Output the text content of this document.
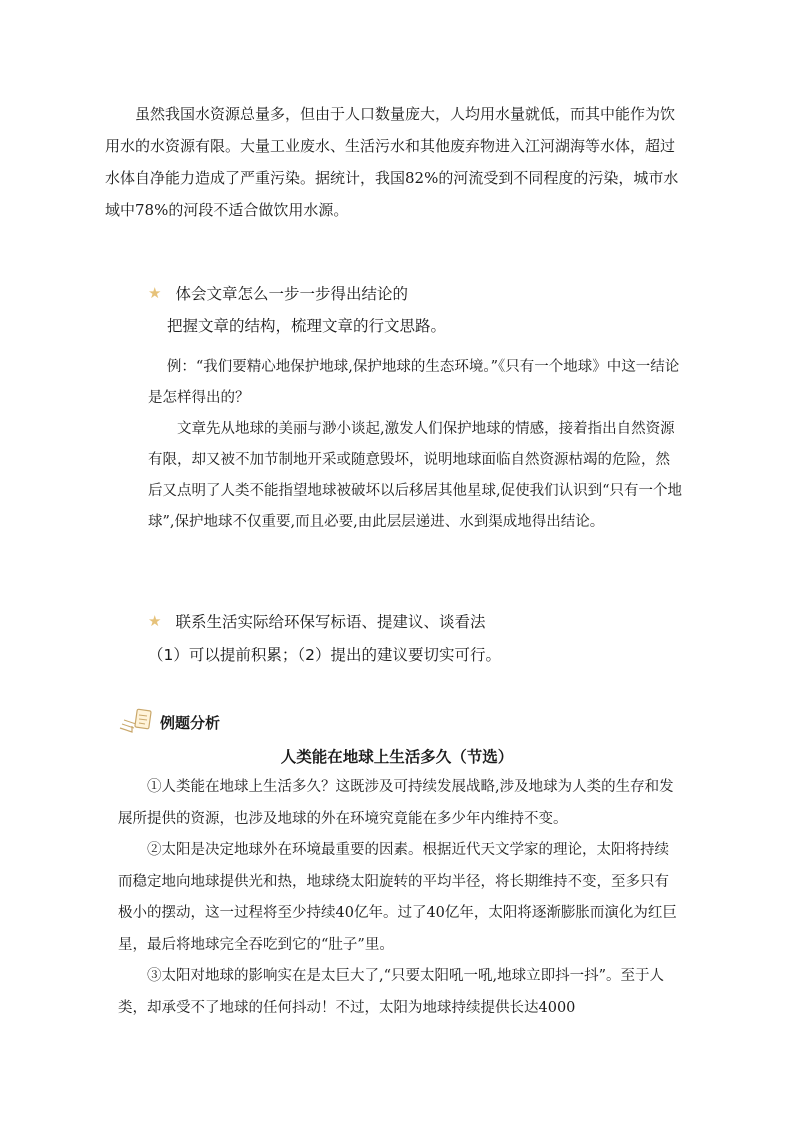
虽然我国水资源总量多，但由于人口数量庞大，人均用水量就低，而其中能作为饮用水的水资源有限。大量工业废水、生活污水和其他废弃物进入江河湖海等水体，超过水体自净能力造成了严重污染。据统计，我国82%的河流受到不同程度的污染，城市水域中78%的河段不适合做饮用水源。

★ 体会文章怎么一步一步得出结论的
把握文章的结构，梳理文章的行文思路。

例：“我们要精心地保护地球,保护地球的生态环境。”《只有一个地球》中这一结论是怎样得出的？

文章先从地球的美丽与渺小谈起,激发人们保护地球的情感，接着指出自然资源有限，却又被不加节制地开采或随意毁坏，说明地球面临自然资源枯竭的危险，然后又点明了人类不能指望地球被破坏以后移居其他星球,促使我们认识到“只有一个地球”,保护地球不仅重要,而且必要,由此层层递进、水到渠成地得出结论。

★ 联系生活实际给环保写标语、提建议、谈看法
（1）可以提前积累；（2）提出的建议要切实可行。
例题分析
人类能在地球上生活多久（节选）

①人类能在地球上生活多久？这既涉及可持续发展战略,涉及地球为人类的生存和发展所提供的资源，也涉及地球的外在环境究竟能在多少年内维持不变。

②太阳是决定地球外在环境最重要的因素。根据近代天文学家的理论，太阳将持续而稳定地向地球提供光和热，地球绕太阳旋转的平均半径，将长期维持不变，至多只有极小的摆动，这一过程将至少持续40亿年。过了40亿年，太阳将逐渐膨胀而演化为红巨星，最后将地球完全吞吃到它的“肚子”里。

③太阳对地球的影响实在是太巨大了,“只要太阳吼一吼,地球立即抖一抖”。至于人类，却承受不了地球的任何抖动！不过，太阳为地球持续提供长达4000
